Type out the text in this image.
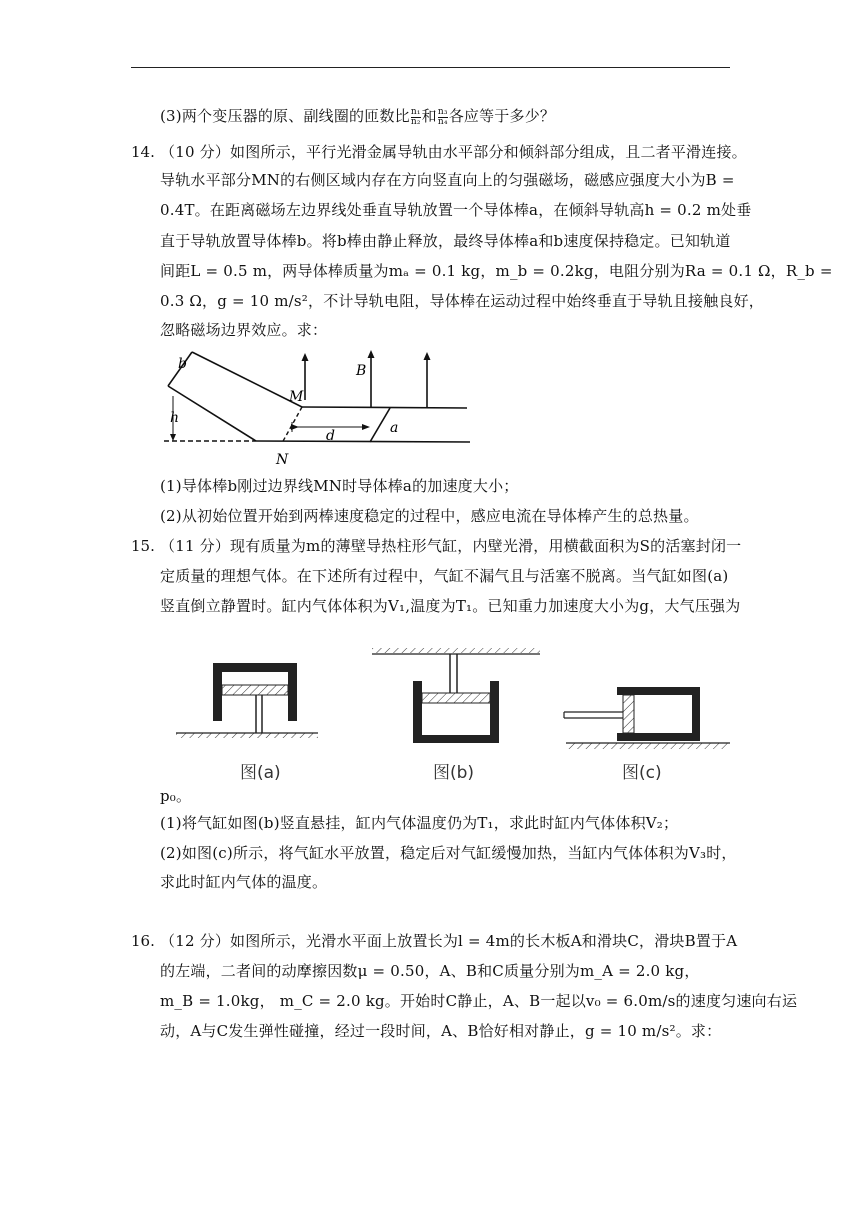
(3)两个变压器的原、副线圈的匝数比 $\frac{\text{n₁}}{\text{n₂}}$ 和 $\frac{\text{n₃}}{\text{n₄}}$ 各应等于多少？
14. （10 分）如图所示，平行光滑金属导轨由水平部分和倾斜部分组成，且二者平滑连接。
导轨水平部分MN的右侧区域内存在方向竖直向上的匀强磁场，磁感应强度大小为B =
0.4T。在距离磁场左边界线处垂直导轨放置一个导体棒a，在倾斜导轨高h = 0.2 m处垂
直于导轨放置导体棒b。将b棒由静止释放，最终导体棒a和b速度保持稳定。已知轨道
间距L = 0.5 m，两导体棒质量为mₐ = 0.1 kg，m_b = 0.2kg，电阻分别为Ra = 0.1 Ω，R_b =
0.3 Ω，g = 10 m/s²，不计导轨电阻，导体棒在运动过程中始终垂直于导轨且接触良好，
忽略磁场边界效应。求：
b
h
M
B
d	a
N
(1)导体棒b刚过边界线MN时导体棒a的加速度大小；
(2)从初始位置开始到两棒速度稳定的过程中，感应电流在导体棒产生的总热量。
15. （11 分）现有质量为m的薄壁导热柱形气缸，内壁光滑，用横截面积为S的活塞封闭一
定质量的理想气体。在下述所有过程中，气缸不漏气且与活塞不脱离。当气缸如图(a)
竖直倒立静置时。缸内气体体积为V₁,温度为T₁。已知重力加速度大小为g，大气压强为
图(a)	图(b)	图(c)
p₀。
(1)将气缸如图(b)竖直悬挂，缸内气体温度仍为T₁，求此时缸内气体体积V₂；
(2)如图(c)所示，将气缸水平放置，稳定后对气缸缓慢加热，当缸内气体体积为V₃时，
求此时缸内气体的温度。
16. （12 分）如图所示，光滑水平面上放置长为l = 4m的长木板A和滑块C，滑块B置于A
的左端，二者间的动摩擦因数μ = 0.50，A、B和C质量分别为m_A = 2.0 kg，
m_B = 1.0kg， m_C = 2.0 kg。开始时C静止，A、B一起以v₀ = 6.0m/s的速度匀速向右运
动，A与C发生弹性碰撞，经过一段时间，A、B恰好相对静止，g = 10 m/s²。求：
